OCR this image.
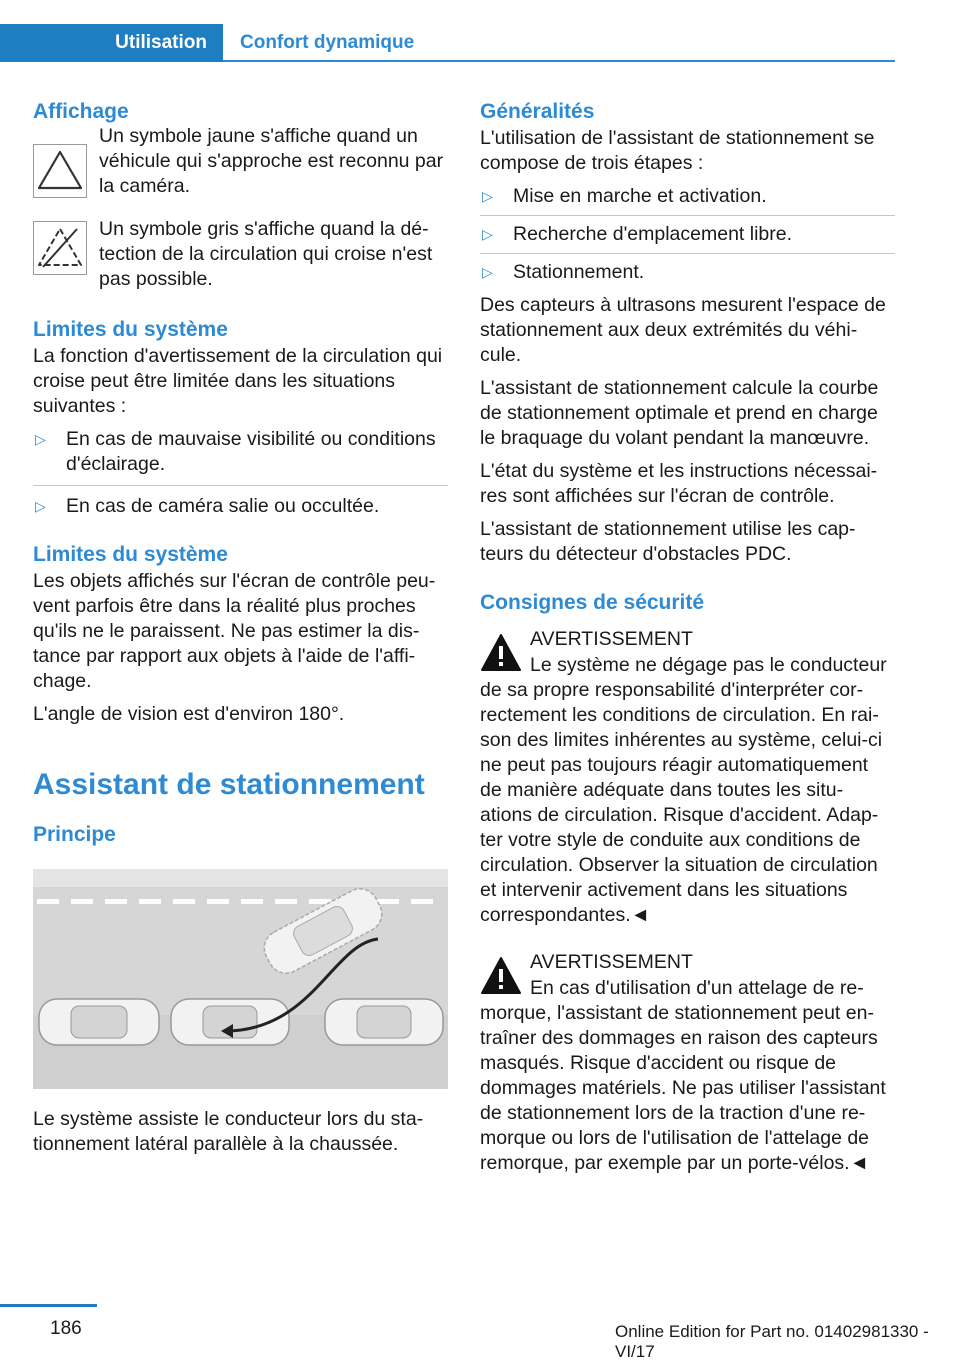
Utilisation	Confort dynamique
Affichage

Un symbole jaune s'affiche quand un véhicule qui s'approche est reconnu par la caméra.

Un symbole gris s'affiche quand la dé- tection de la circulation qui croise n'est pas possible.

Limites du système

La fonction d'avertissement de la circulation qui croise peut être limitée dans les situations suivantes :

▷ En cas de mauvaise visibilité ou conditions d'éclairage.
▷ En cas de caméra salie ou occultée.
Limites du système

Les objets affichés sur l'écran de contrôle peu- vent parfois être dans la réalité plus proches qu'ils ne le paraissent. Ne pas estimer la dis- tance par rapport aux objets à l'aide de l'affi- chage.

L'angle de vision est d'environ 180°.

Assistant de stationnement
Principe

Le système assiste le conducteur lors du sta- tionnement latéral parallèle à la chaussée.

Généralités

L'utilisation de l'assistant de stationnement se compose de trois étapes :

▷ Mise en marche et activation.
▷ Recherche d'emplacement libre.
▷ Stationnement.

Des capteurs à ultrasons mesurent l'espace de stationnement aux deux extrémités du véhi- cule.

L'assistant de stationnement calcule la courbe de stationnement optimale et prend en charge le braquage du volant pendant la manœuvre.

L'état du système et les instructions nécessai- res sont affichées sur l'écran de contrôle.

L'assistant de stationnement utilise les cap- teurs du détecteur d'obstacles PDC.

Consignes de sécurité

AVERTISSEMENT

Le système ne dégage pas le conducteur de sa propre responsabilité d'interpréter cor- rectement les conditions de circulation. En rai- son des limites inhérentes au système, celui-ci ne peut pas toujours réagir automatiquement de manière adéquate dans toutes les situ- ations de circulation. Risque d'accident. Adap- ter votre style de conduite aux conditions de circulation. Observer la situation de circulation et intervenir activement dans les situations correspondantes.◄

AVERTISSEMENT

En cas d'utilisation d'un attelage de re- morque, l'assistant de stationnement peut en- traîner des dommages en raison des capteurs masqués. Risque d'accident ou risque de dommages matériels. Ne pas utiliser l'assistant de stationnement lors de la traction d'une re- morque ou lors de l'utilisation de l'attelage de remorque, par exemple par un porte-vélos.◄

186	Online Edition for Part no. 01402981330 - VI/17
